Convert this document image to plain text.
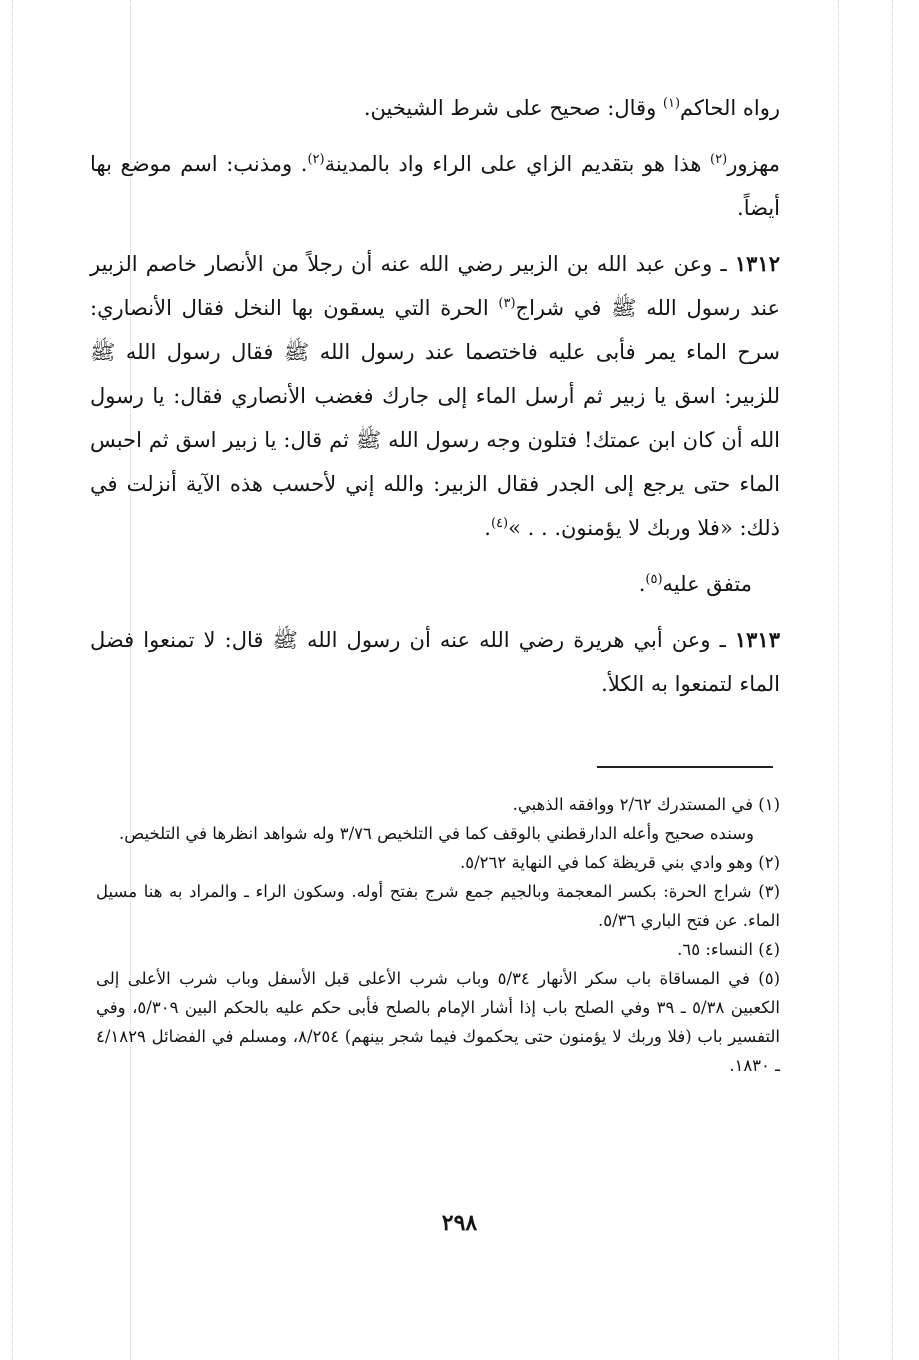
رواه الحاكم$^{(١)}$ وقال: صحيح على شرط الشيخين.

مهزور$^{(٢)}$ هذا هو بتقديم الزاي على الراء واد بالمدينة$^{(٢)}$. ومذنب: اسم موضع بها أيضاً.

١٣١٢ ـ وعن عبد الله بن الزبير رضي الله عنه أن رجلاً من الأنصار خاصم الزبير عند رسول الله ﷺ في شراج$^{(٣)}$ الحرة التي يسقون بها النخل فقال الأنصاري: سرح الماء يمر فأبى عليه فاختصما عند رسول الله ﷺ فقال رسول الله ﷺ للزبير: اسق يا زبير ثم أرسل الماء إلى جارك فغضب الأنصاري فقال: يا رسول الله أن كان ابن عمتك! فتلون وجه رسول الله ﷺ ثم قال: يا زبير اسق ثم احبس الماء حتى يرجع إلى الجدر فقال الزبير: والله إني لأحسب هذه الآية أنزلت في ذلك: «فلا وربك لا يؤمنون. . . »$^{(٤)}$.

متفق عليه$^{(٥)}$.

١٣١٣ ـ وعن أبي هريرة رضي الله عنه أن رسول الله ﷺ قال: لا تمنعوا فضل الماء لتمنعوا به الكلأ.

(١) في المستدرك ٢/٦٢ ووافقه الذهبي.

وسنده صحيح وأعله الدارقطني بالوقف كما في التلخيص ٣/٧٦ وله شواهد انظرها في التلخيص.

(٢) وهو وادي بني قريظة كما في النهاية ٥/٢٦٢.

(٣) شراج الحرة: بكسر المعجمة وبالجيم جمع شرج بفتح أوله. وسكون الراء ـ والمراد به هنا مسيل الماء. عن فتح الباري ٥/٣٦.

(٤) النساء: ٦٥.

(٥) في المساقاة باب سكر الأنهار ٥/٣٤ وباب شرب الأعلى قبل الأسفل وباب شرب الأعلى إلى الكعبين ٥/٣٨ ـ ٣٩ وفي الصلح باب إذا أشار الإمام بالصلح فأبى حكم عليه بالحكم البين ٥/٣٠٩، وفي التفسير باب (فلا وربك لا يؤمنون حتى يحكموك فيما شجر بينهم) ٨/٢٥٤، ومسلم في الفضائل ٤/١٨٢٩ ـ ١٨٣٠.

٢٩٨
